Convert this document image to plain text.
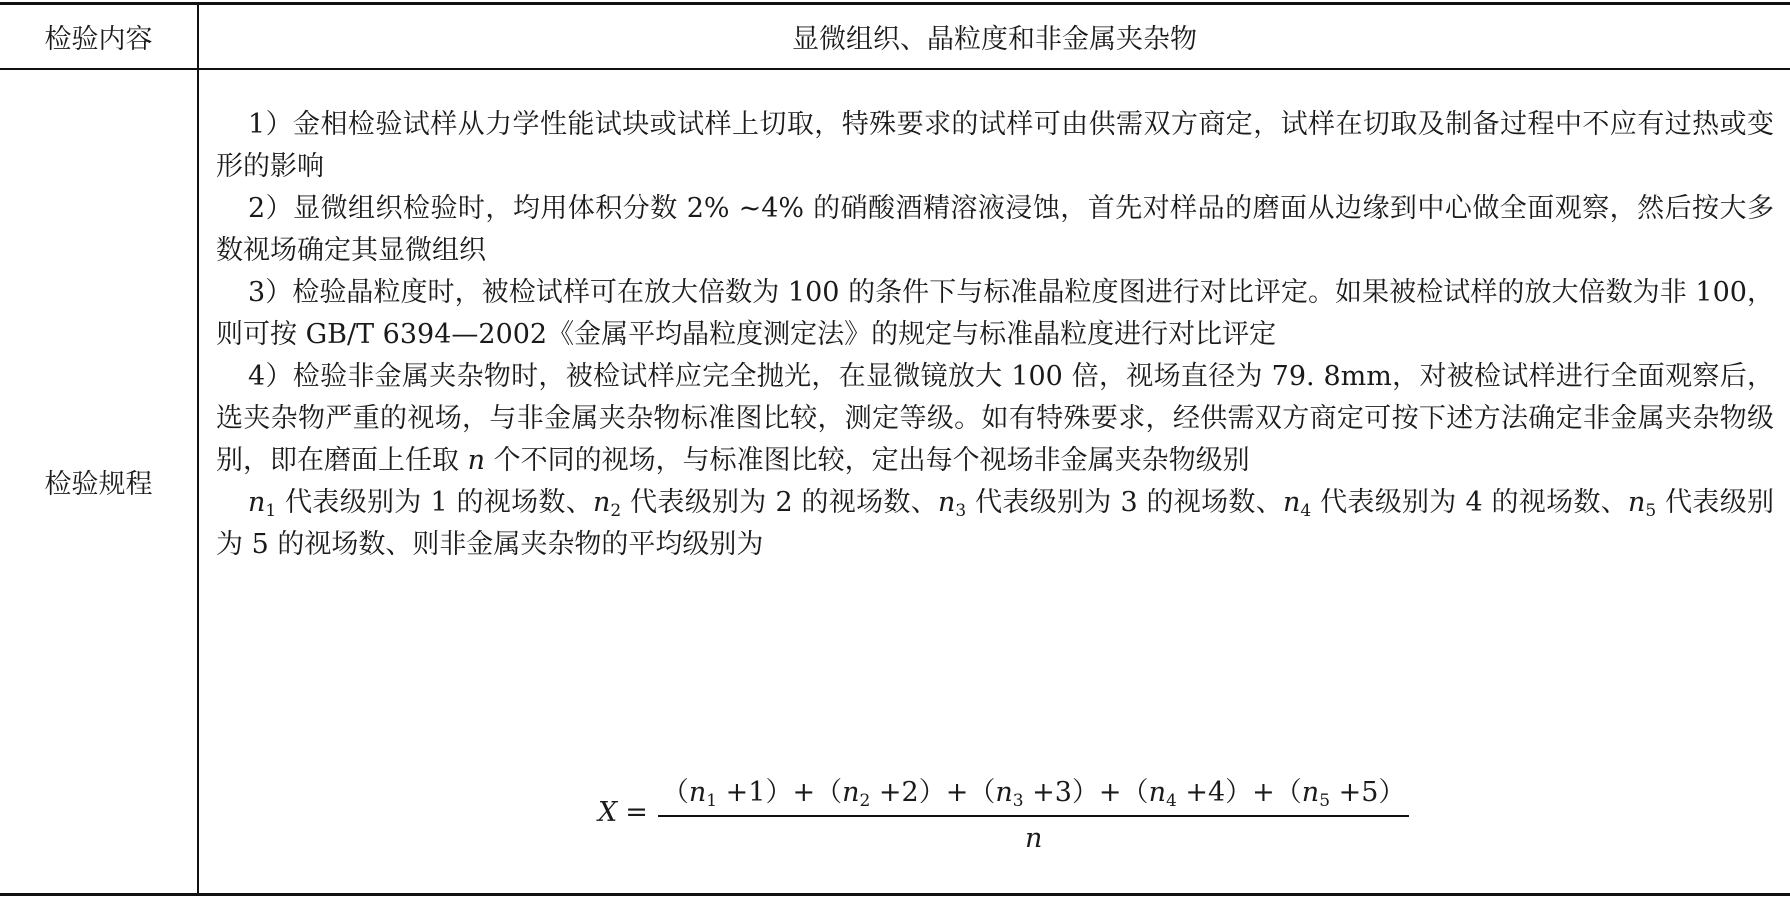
检验内容	显微组织、晶粒度和非金属夹杂物
检验规程

1）金相检验试样从力学性能试块或试样上切取，特殊要求的试样可由供需双方商定，试样在切取及制备过程中不应有过热或变形的影响

2）显微组织检验时，均用体积分数 2% ~4% 的硝酸酒精溶液浸蚀，首先对样品的磨面从边缘到中心做全面观察，然后按大多数视场确定其显微组织

3）检验晶粒度时，被检试样可在放大倍数为 100 的条件下与标准晶粒度图进行对比评定。如果被检试样的放大倍数为非 100，则可按 GB/T 6394—2002《金属平均晶粒度测定法》的规定与标准晶粒度进行对比评定

4）检验非金属夹杂物时，被检试样应完全抛光，在显微镜放大 100 倍，视场直径为 79. 8mm，对被检试样进行全面观察后，选夹杂物严重的视场，与非金属夹杂物标准图比较，测定等级。如有特殊要求，经供需双方商定可按下述方法确定非金属夹杂物级别，即在磨面上任取 n 个不同的视场，与标准图比较，定出每个视场非金属夹杂物级别

$n_1$ 代表级别为 1 的视场数、$n_2$ 代表级别为 2 的视场数、$n_3$ 代表级别为 3 的视场数、$n_4$ 代表级别为 4 的视场数、$n_5$ 代表级别为 5 的视场数、则非金属夹杂物的平均级别为

$X = \frac{(n_1 +1)+(n_2 +2)+(n_3 +3)+(n_4 +4)+(n_5 +5)}{n}$
